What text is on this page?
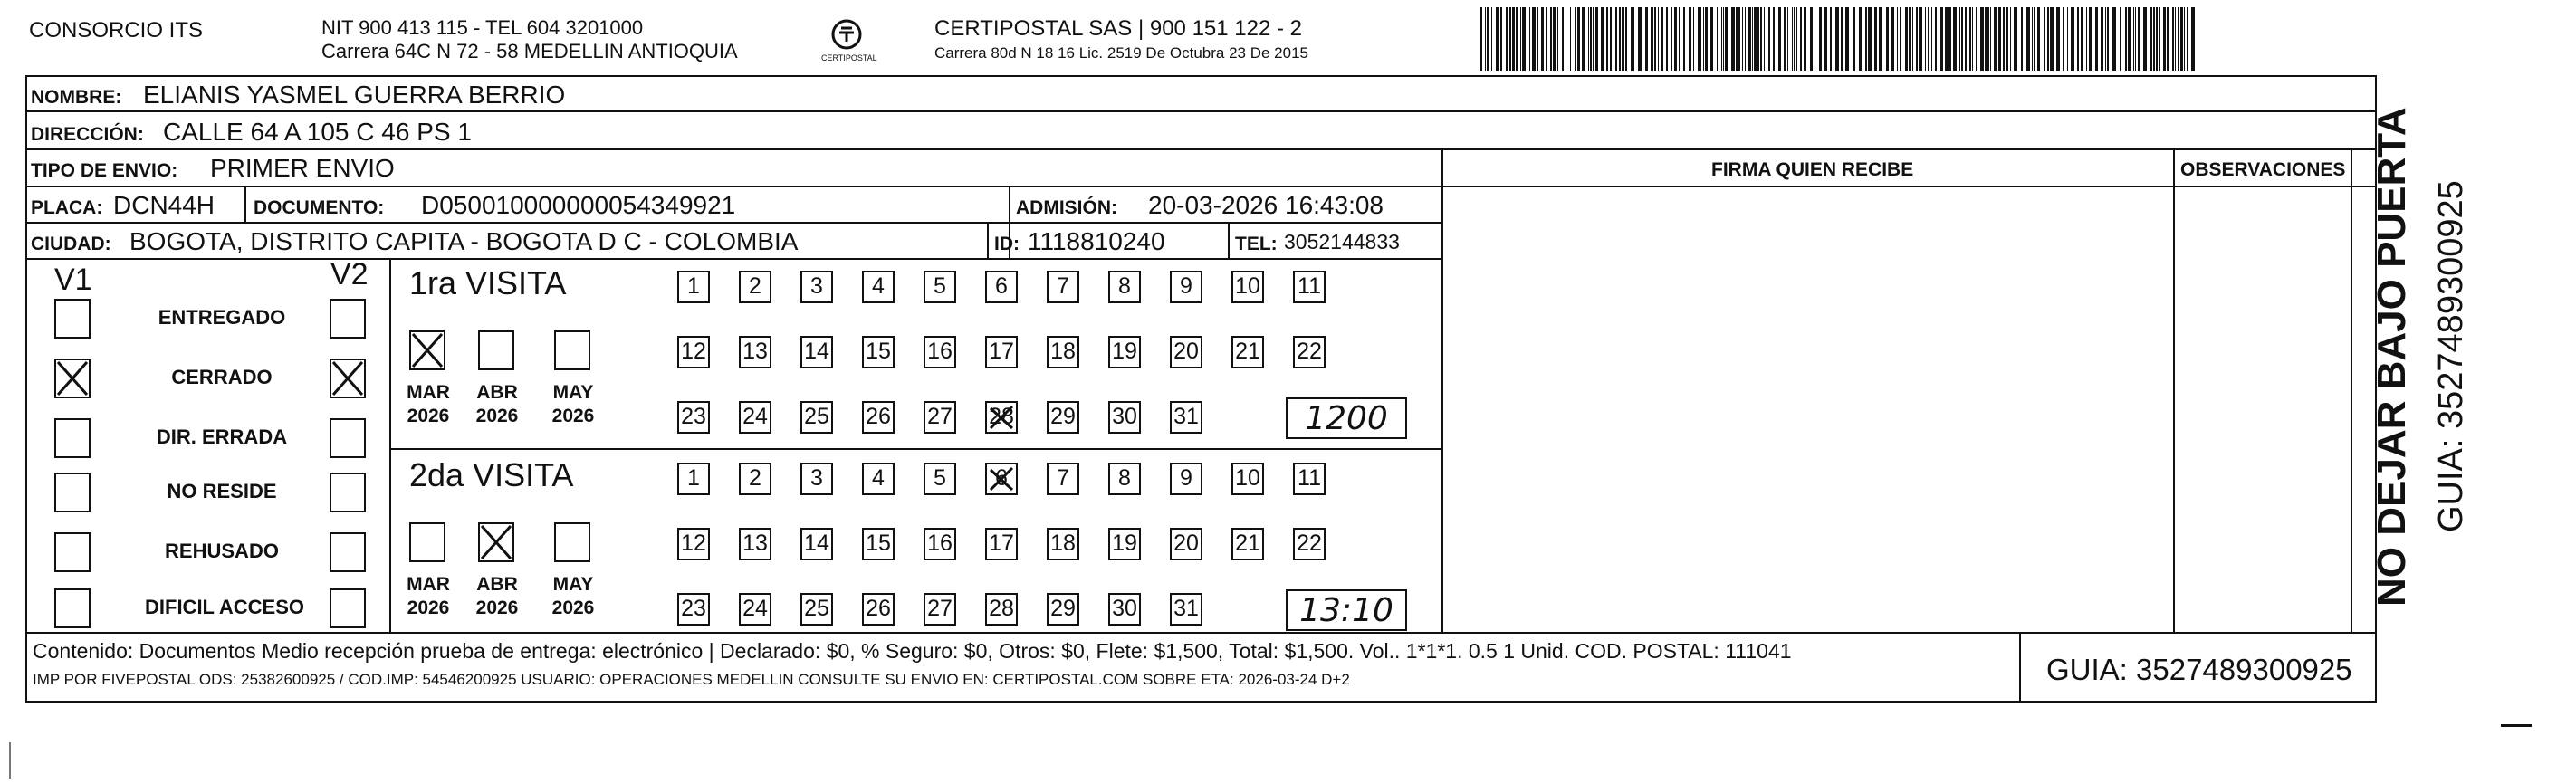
CONSORCIO ITS	NIT 900 413 115 - TEL 604 3201000
Carrera 64C N 72 - 58 MEDELLIN ANTIOQUIA	CERTIPOSTAL
CERTIPOSTAL SAS | 900 151 122 - 2
Carrera 80d N 18 16 Lic. 2519 De Octubra 23 De 2015
NOMBRE: ELIANIS YASMEL GUERRA BERRIO
DIRECCIÓN: CALLE 64 A 105 C 46 PS 1
TIPO DE ENVIO: PRIMER ENVIO
PLACA: DCN44H DOCUMENTO: D050010000000054349921	ADMISIÓN: 20-03-2026 16:43:08
CIUDAD: BOGOTA, DISTRITO CAPITA - BOGOTA D C - COLOMBIA	ID: 1118810240	TEL: 3052144833
FIRMA QUIEN RECIBE	OBSERVACIONES
V1	V2
Contenido: Documentos Medio recepción prueba de entrega: electrónico | Declarado: $0, % Seguro: $0, Otros: $0, Flete: $1,500, Total: $1,500. Vol.. 1*1*1. 0.5 1 Unid. COD. POSTAL: 111041
IMP POR FIVEPOSTAL ODS: 25382600925 / COD.IMP: 54546200925 USUARIO: OPERACIONES MEDELLIN CONSULTE SU ENVIO EN: CERTIPOSTAL.COM SOBRE ETA: 2026-03-24 D+2	GUIA: 3527489300925
NO DEJAR BAJO PUERTA GUIA: 3527489300925
ENTREGADO
CERRADO
DIR. ERRADA
NO RESIDE
REHUSADO
DIFICIL ACCESO
1ra VISITA
MAR
2026
ABR
2026
MAY
2026
1	2	3	4	5	6	7	8	9	10 11
12 13 14 15 16 17 18 19 20 21 22
23 24 25 26 27 28 29 30 31	1200
2da VISITA
MAR
2026
ABR
2026
MAY
2026
1	2	3	4	5	6	7	8	9	10 11
12 13 14 15 16 17 18 19 20 21 22
23 24 25 26 27 28 29 30 31	13:10
